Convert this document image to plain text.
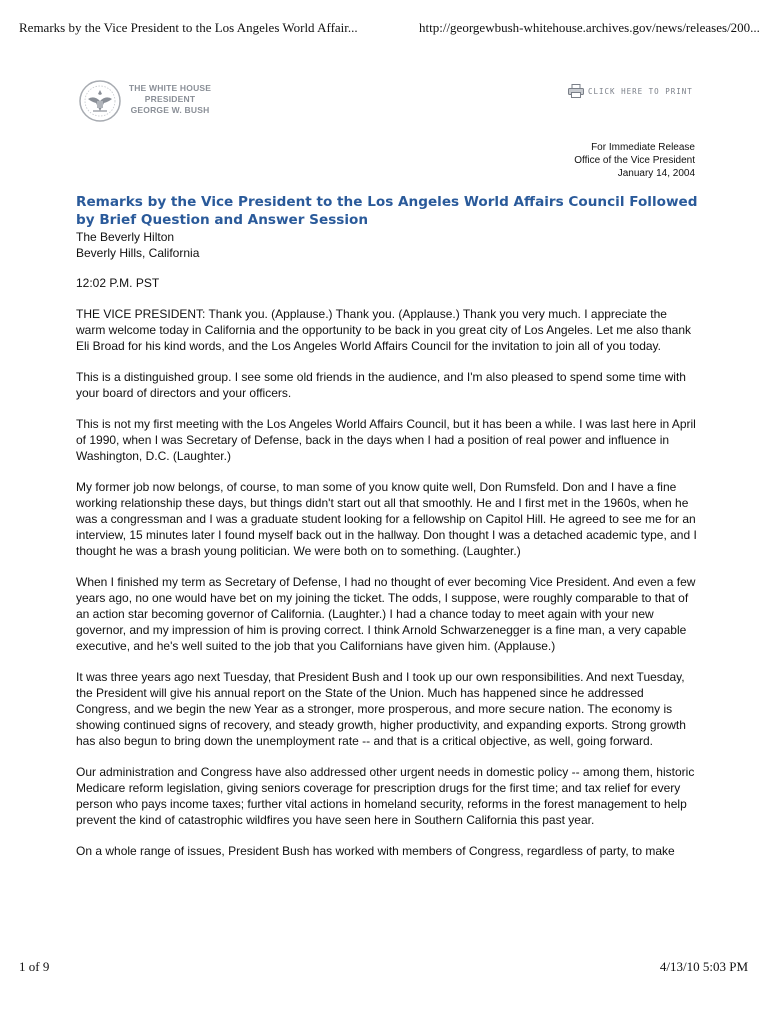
Remarks by the Vice President to the Los Angeles World Affair...	http://georgewbush-whitehouse.archives.gov/news/releases/200...
THE WHITE HOUSE
PRESIDENT
GEORGE W. BUSH
CLICK HERE TO PRINT
For Immediate Release
Office of the Vice President
January 14, 2004
Remarks by the Vice President to the Los Angeles World Affairs Council Followed by Brief Question and Answer Session

The Beverly Hilton

Beverly Hills, California

12:02 P.M. PST

THE VICE PRESIDENT: Thank you. (Applause.) Thank you. (Applause.) Thank you very much. I appreciate the warm welcome today in California and the opportunity to be back in you great city of Los Angeles. Let me also thank Eli Broad for his kind words, and the Los Angeles World Affairs Council for the invitation to join all of you today.

This is a distinguished group. I see some old friends in the audience, and I'm also pleased to spend some time with your board of directors and your officers.

This is not my first meeting with the Los Angeles World Affairs Council, but it has been a while. I was last here in April of 1990, when I was Secretary of Defense, back in the days when I had a position of real power and influence in Washington, D.C. (Laughter.)

My former job now belongs, of course, to man some of you know quite well, Don Rumsfeld. Don and I have a fine working relationship these days, but things didn't start out all that smoothly. He and I first met in the 1960s, when he was a congressman and I was a graduate student looking for a fellowship on Capitol Hill. He agreed to see me for an interview, 15 minutes later I found myself back out in the hallway. Don thought I was a detached academic type, and I thought he was a brash young politician. We were both on to something. (Laughter.)

When I finished my term as Secretary of Defense, I had no thought of ever becoming Vice President. And even a few years ago, no one would have bet on my joining the ticket. The odds, I suppose, were roughly comparable to that of an action star becoming governor of California. (Laughter.) I had a chance today to meet again with your new governor, and my impression of him is proving correct. I think Arnold Schwarzenegger is a fine man, a very capable executive, and he's well suited to the job that you Californians have given him. (Applause.)

It was three years ago next Tuesday, that President Bush and I took up our own responsibilities. And next Tuesday, the President will give his annual report on the State of the Union. Much has happened since he addressed Congress, and we begin the new Year as a stronger, more prosperous, and more secure nation. The economy is showing continued signs of recovery, and steady growth, higher productivity, and expanding exports. Strong growth has also begun to bring down the unemployment rate -- and that is a critical objective, as well, going forward.

Our administration and Congress have also addressed other urgent needs in domestic policy -- among them, historic Medicare reform legislation, giving seniors coverage for prescription drugs for the first time; and tax relief for every person who pays income taxes; further vital actions in homeland security, reforms in the forest management to help prevent the kind of catastrophic wildfires you have seen here in Southern California this past year.

On a whole range of issues, President Bush has worked with members of Congress, regardless of party, to make

1 of 9	4/13/10 5:03 PM
